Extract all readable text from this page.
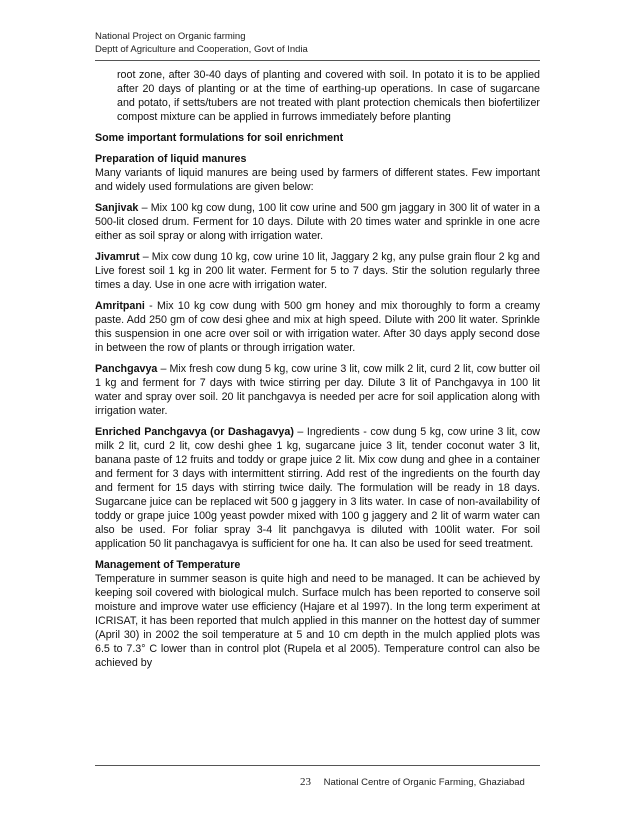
National Project on Organic farming
Deptt of Agriculture and Cooperation, Govt of India

root zone, after 30-40 days of planting and covered with soil. In potato it is to be applied after 20 days of planting or at the time of earthing-up operations. In case of sugarcane and potato, if setts/tubers are not treated with plant protection chemicals then biofertilizer compost mixture can be applied in furrows immediately before planting

Some important formulations for soil enrichment

Preparation of liquid manures
Many variants of liquid manures are being used by farmers of different states. Few important and widely used formulations are given below:

Sanjivak – Mix 100 kg cow dung, 100 lit cow urine and 500 gm jaggary in 300 lit of water in a 500-lit closed drum. Ferment for 10 days. Dilute with 20 times water and sprinkle in one acre either as soil spray or along with irrigation water.

Jivamrut – Mix cow dung 10 kg, cow urine 10 lit, Jaggary 2 kg, any pulse grain flour 2 kg and Live forest soil 1 kg in 200 lit water. Ferment for 5 to 7 days. Stir the solution regularly three times a day. Use in one acre with irrigation water.

Amritpani - Mix 10 kg cow dung with 500 gm honey and mix thoroughly to form a creamy paste. Add 250 gm of cow desi ghee and mix at high speed. Dilute with 200 lit water. Sprinkle this suspension in one acre over soil or with irrigation water. After 30 days apply second dose in between the row of plants or through irrigation water.

Panchgavya – Mix fresh cow dung 5 kg, cow urine 3 lit, cow milk 2 lit, curd 2 lit, cow butter oil 1 kg and ferment for 7 days with twice stirring per day. Dilute 3 lit of Panchgavya in 100 lit water and spray over soil. 20 lit panchgavya is needed per acre for soil application along with irrigation water.

Enriched Panchgavya (or Dashagavya) – Ingredients - cow dung 5 kg, cow urine 3 lit, cow milk 2 lit, curd 2 lit, cow deshi ghee 1 kg, sugarcane juice 3 lit, tender coconut water 3 lit, banana paste of 12 fruits and toddy or grape juice 2 lit. Mix cow dung and ghee in a container and ferment for 3 days with intermittent stirring. Add rest of the ingredients on the fourth day and ferment for 15 days with stirring twice daily. The formulation will be ready in 18 days. Sugarcane juice can be replaced wit 500 g jaggery in 3 lits water. In case of non-availability of toddy or grape juice 100g yeast powder mixed with 100 g jaggery and 2 lit of warm water can also be used. For foliar spray 3-4 lit panchgavya is diluted with 100lit water. For soil application 50 lit panchagavya is sufficient for one ha. It can also be used for seed treatment.

Management of Temperature
Temperature in summer season is quite high and need to be managed. It can be achieved by keeping soil covered with biological mulch. Surface mulch has been reported to conserve soil moisture and improve water use efficiency (Hajare et al 1997). In the long term experiment at ICRISAT, it has been reported that mulch applied in this manner on the hottest day of summer (April 30) in 2002 the soil temperature at 5 and 10 cm depth in the mulch applied plots was 6.5 to 7.3° C lower than in control plot (Rupela et al 2005). Temperature control can also be achieved by

23 National Centre of Organic Farming, Ghaziabad
